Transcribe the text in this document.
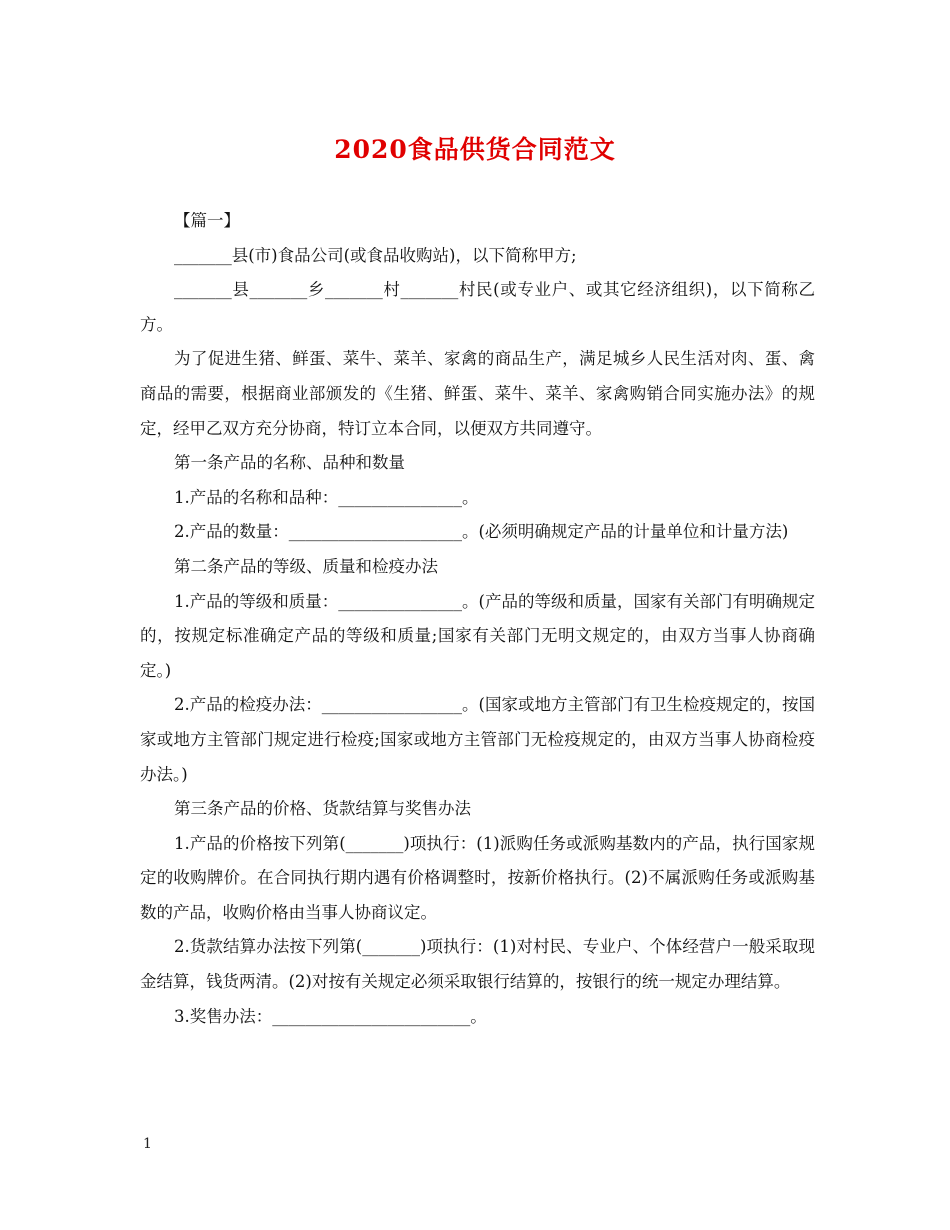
2020食品供货合同范文

【篇一】

_______县(市)食品公司(或食品收购站)，以下简称甲方;

_______县_______乡_______村_______村民(或专业户、或其它经济组织)，以下简称乙方。

为了促进生猪、鲜蛋、菜牛、菜羊、家禽的商品生产，满足城乡人民生活对肉、蛋、禽商品的需要，根据商业部颁发的《生猪、鲜蛋、菜牛、菜羊、家禽购销合同实施办法》的规定，经甲乙双方充分协商，特订立本合同，以便双方共同遵守。

第一条产品的名称、品种和数量

1.产品的名称和品种：_______________。

2.产品的数量：_____________________。(必须明确规定产品的计量单位和计量方法)

第二条产品的等级、质量和检疫办法

1.产品的等级和质量：_______________。(产品的等级和质量，国家有关部门有明确规定的，按规定标准确定产品的等级和质量;国家有关部门无明文规定的，由双方当事人协商确定。)

2.产品的检疫办法：_________________。(国家或地方主管部门有卫生检疫规定的，按国家或地方主管部门规定进行检疫;国家或地方主管部门无检疫规定的，由双方当事人协商检疫办法。)

第三条产品的价格、货款结算与奖售办法

1.产品的价格按下列第(_______)项执行：(1)派购任务或派购基数内的产品，执行国家规定的收购牌价。在合同执行期内遇有价格调整时，按新价格执行。(2)不属派购任务或派购基数的产品，收购价格由当事人协商议定。

2.货款结算办法按下列第(_______)项执行：(1)对村民、专业户、个体经营户一般采取现金结算，钱货两清。(2)对按有关规定必须采取银行结算的，按银行的统一规定办理结算。

3.奖售办法：________________________。

1
